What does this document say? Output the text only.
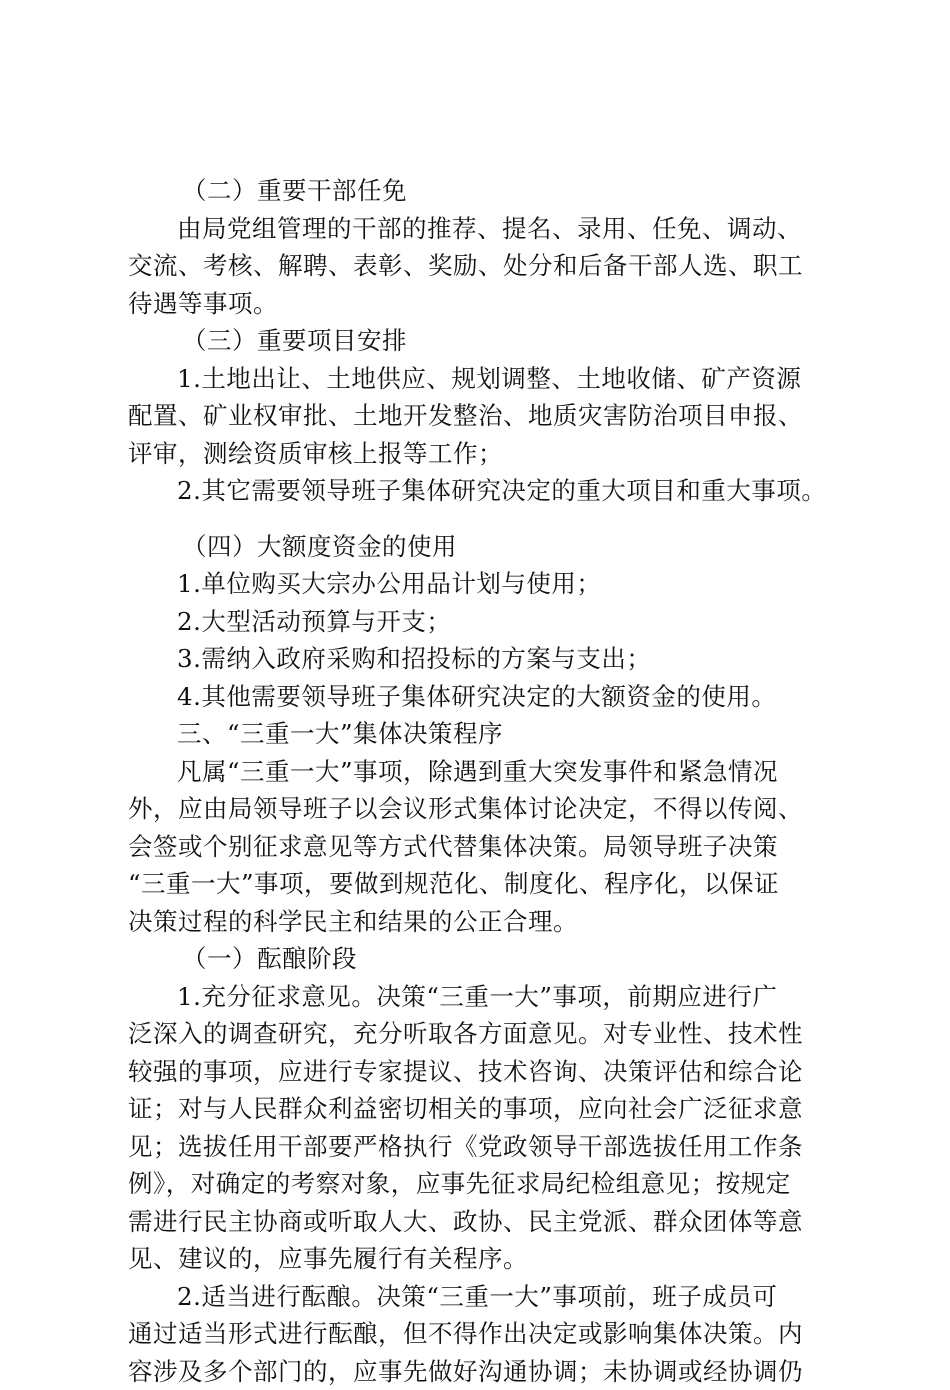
（二）重要干部任免
由局党组管理的干部的推荐、提名、录用、任免、调动、
交流、考核、解聘、表彰、奖励、处分和后备干部人选、职工
待遇等事项。
（三）重要项目安排
1.土地出让、土地供应、规划调整、土地收储、矿产资源
配置、矿业权审批、土地开发整治、地质灾害防治项目申报、
评审，测绘资质审核上报等工作；
2.其它需要领导班子集体研究决定的重大项目和重大事项。
（四）大额度资金的使用
1.单位购买大宗办公用品计划与使用；
2.大型活动预算与开支；
3.需纳入政府采购和招投标的方案与支出；
4.其他需要领导班子集体研究决定的大额资金的使用。
三、“三重一大”集体决策程序
凡属“三重一大”事项，除遇到重大突发事件和紧急情况
外，应由局领导班子以会议形式集体讨论决定，不得以传阅、
会签或个别征求意见等方式代替集体决策。局领导班子决策
“三重一大”事项，要做到规范化、制度化、程序化，以保证
决策过程的科学民主和结果的公正合理。
（一）酝酿阶段
1.充分征求意见。决策“三重一大”事项，前期应进行广
泛深入的调查研究，充分听取各方面意见。对专业性、技术性
较强的事项，应进行专家提议、技术咨询、决策评估和综合论
证；对与人民群众利益密切相关的事项，应向社会广泛征求意
见；选拔任用干部要严格执行《党政领导干部选拔任用工作条
例》，对确定的考察对象，应事先征求局纪检组意见；按规定
需进行民主协商或听取人大、政协、民主党派、群众团体等意
见、建议的，应事先履行有关程序。
2.适当进行酝酿。决策“三重一大”事项前，班子成员可
通过适当形式进行酝酿，但不得作出决定或影响集体决策。内
容涉及多个部门的，应事先做好沟通协调；未协调或经协调仍
